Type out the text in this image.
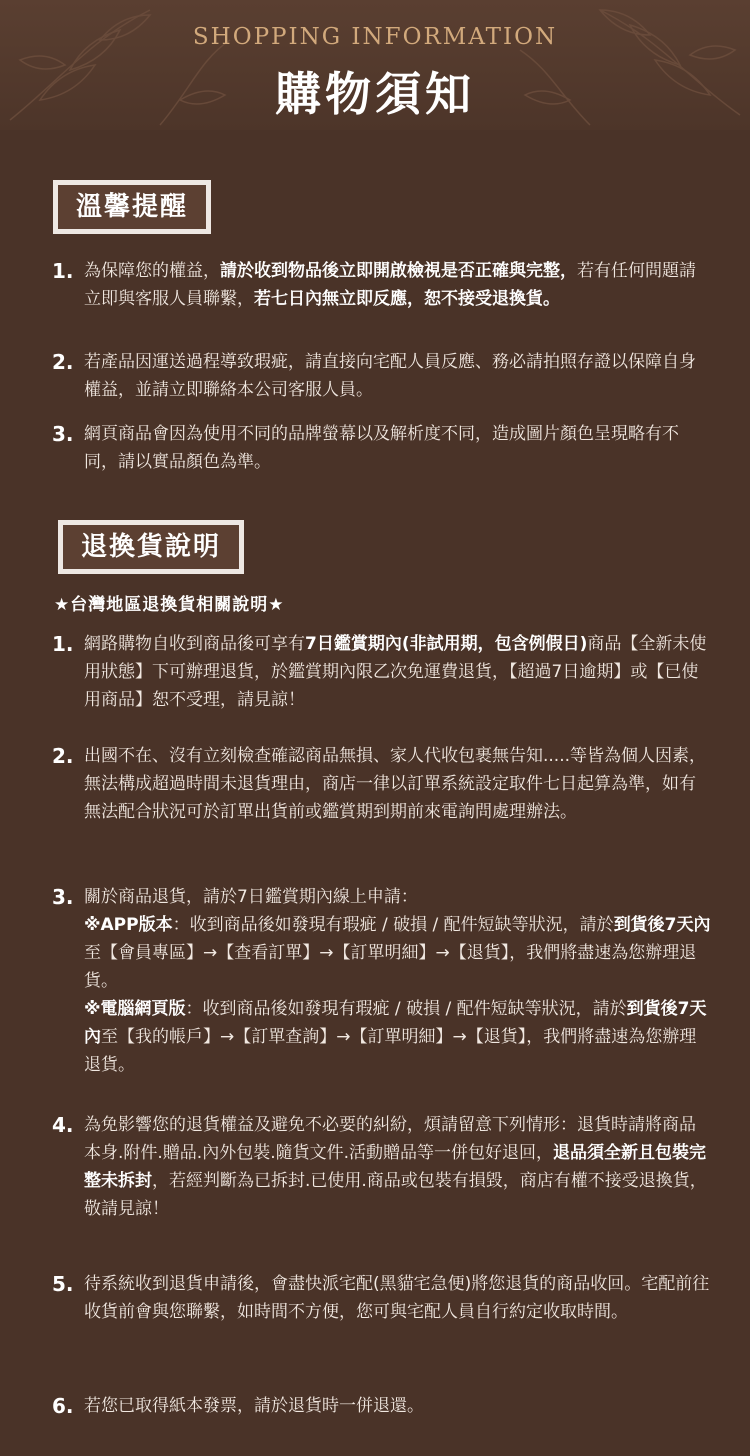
SHOPPING INFORMATION
購物須知
溫馨提醒
1. 為保障您的權益，請於收到物品後立即開啟檢視是否正確與完整，若有任何問題請立即與客服人員聯繫，若七日內無立即反應，恕不接受退換貨。
2. 若產品因運送過程導致瑕疵，請直接向宅配人員反應、務必請拍照存證以保障自身權益，並請立即聯絡本公司客服人員。
3. 網頁商品會因為使用不同的品牌螢幕以及解析度不同，造成圖片顏色呈現略有不同，請以實品顏色為準。
退換貨說明
★台灣地區退換貨相關說明★
1. 網路購物自收到商品後可享有7日鑑賞期內(非試用期，包含例假日)商品【全新未使用狀態】下可辦理退貨，於鑑賞期內限乙次免運費退貨，【超過7日逾期】或【已使用商品】恕不受理，請見諒！
2. 出國不在、沒有立刻檢查確認商品無損、家人代收包裹無告知.....等皆為個人因素，無法構成超過時間未退貨理由，商店一律以訂單系統設定取件七日起算為準，如有無法配合狀況可於訂單出貨前或鑑賞期到期前來電詢問處理辦法。
3. 關於商品退貨，請於7日鑑賞期內線上申請：

※APP版本：收到商品後如發現有瑕疵 / 破損 / 配件短缺等狀況，請於到貨後7天內至【會員專區】→【查看訂單】→【訂單明細】→【退貨】，我們將盡速為您辦理退貨。

※電腦網頁版：收到商品後如發現有瑕疵 / 破損 / 配件短缺等狀況，請於到貨後7天內至【我的帳戶】→【訂單查詢】→【訂單明細】→【退貨】，我們將盡速為您辦理退貨。

4. 為免影響您的退貨權益及避免不必要的糾紛，煩請留意下列情形：退貨時請將商品本身.附件.贈品.內外包裝.隨貨文件.活動贈品等一併包好退回，退品須全新且包裝完整未拆封，若經判斷為已拆封.已使用.商品或包裝有損毀，商店有權不接受退換貨，敬請見諒！
5. 待系統收到退貨申請後，會盡快派宅配(黑貓宅急便)將您退貨的商品收回。宅配前往收貨前會與您聯繫，如時間不方便，您可與宅配人員自行約定收取時間。
6. 若您已取得紙本發票，請於退貨時一併退還。
